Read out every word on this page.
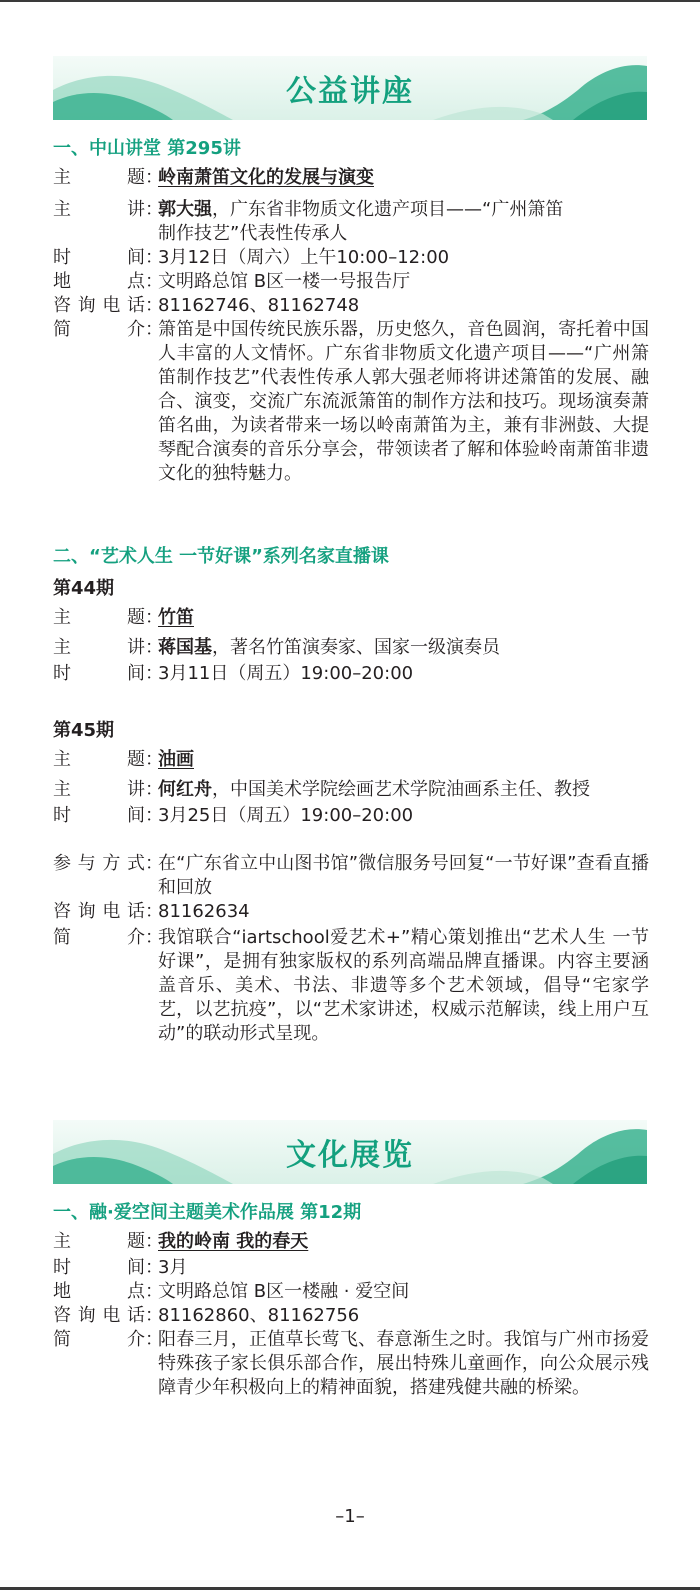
公益讲座
一、中山讲堂 第295讲
主	题 ：
岭南萧笛文化的发展与演变
主	讲 ：
郭大强，广东省非物质文化遗产项目——“广州箫笛
制作技艺”代表性传承人
时	间 ：
3月12日（周六）上午10:00–12:00
地	点 ：
文明路总馆 B区一楼一号报告厅
咨 询 电 话 ：
81162746、81162748
简	介 ：
箫笛是中国传统民族乐器，历史悠久，音色圆润，寄托着中国人丰富的人文情怀。广东省非物质文化遗产项目——“广州箫笛制作技艺”代表性传承人郭大强老师将讲述箫笛的发展、融合、演变，交流广东流派箫笛的制作方法和技巧。现场演奏萧笛名曲，为读者带来一场以岭南萧笛为主，兼有非洲鼓、大提琴配合演奏的音乐分享会，带领读者了解和体验岭南萧笛非遗文化的独特魅力。
二、“艺术人生 一节好课”系列名家直播课
第44期
主	题 ：
竹笛
主	讲 ：
蒋国基，著名竹笛演奏家、国家一级演奏员
时	间 ：
3月11日（周五）19:00–20:00
第45期
主	题 ：
油画
主	讲 ：
何红舟，中国美术学院绘画艺术学院油画系主任、教授
时	间 ：
3月25日（周五）19:00–20:00
参 与 方 式 ：
在“广东省立中山图书馆”微信服务号回复“一节好课”查看直播和回放
咨 询 电 话 ：
81162634
简	介 ：
我馆联合“iartschool爱艺术+”精心策划推出“艺术人生 一节好课”，是拥有独家版权的系列高端品牌直播课。内容主要涵盖音乐、美术、书法、非遗等多个艺术领域，倡导“宅家学艺，以艺抗疫”，以“艺术家讲述，权威示范解读，线上用户互动”的联动形式呈现。
文化展览
一、融·爱空间主题美术作品展 第12期
主	题 ：
我的岭南 我的春天
时	间 ：
3月
地	点 ：
文明路总馆 B区一楼融 · 爱空间
咨 询 电 话 ：
81162860、81162756
简	介 ：
阳春三月，正值草长莺飞、春意渐生之时。我馆与广州市扬爱特殊孩子家长俱乐部合作，展出特殊儿童画作，向公众展示残障青少年积极向上的精神面貌，搭建残健共融的桥梁。
–1–
